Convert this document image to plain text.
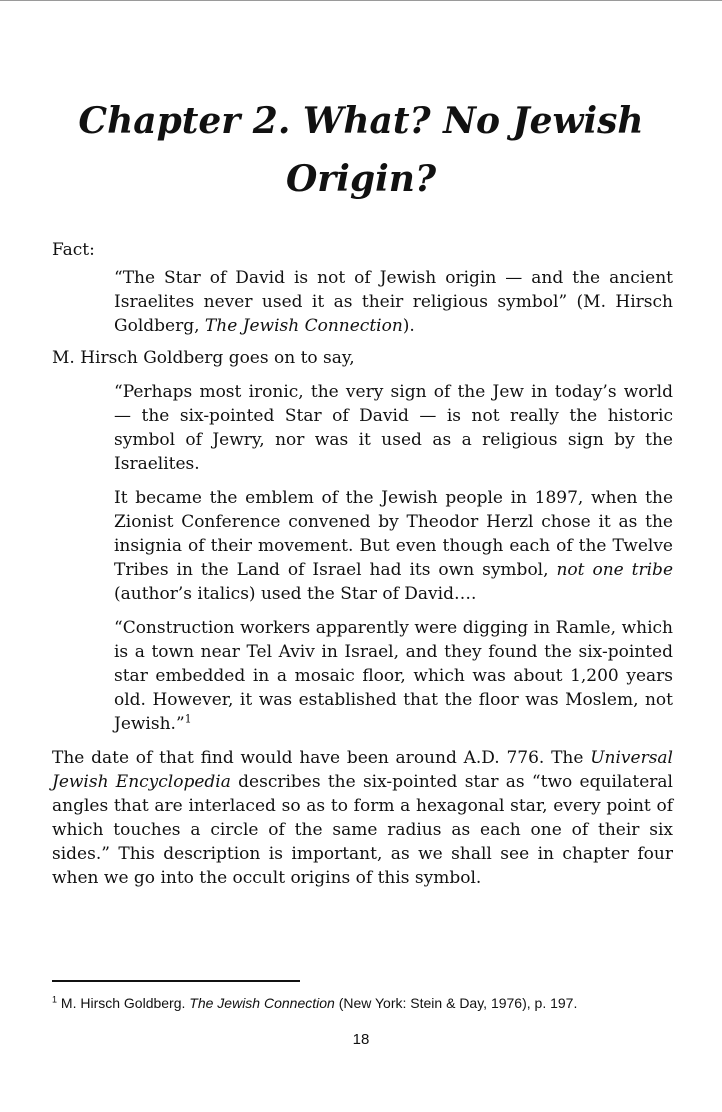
Chapter 2. What? No Jewish Origin?

Fact:

“The Star of David is not of Jewish origin — and the ancient Israelites never used it as their religious symbol” (M. Hirsch Goldberg, The Jewish Connection).

M. Hirsch Goldberg goes on to say,

“Perhaps most ironic, the very sign of the Jew in today’s world — the six-pointed Star of David — is not really the historic symbol of Jewry, nor was it used as a religious sign by the Israelites.

It became the emblem of the Jewish people in 1897, when the Zionist Conference convened by Theodor Herzl chose it as the insignia of their movement. But even though each of the Twelve Tribes in the Land of Israel had its own symbol, not one tribe (author’s italics) used the Star of David….

“Construction workers apparently were digging in Ramle, which is a town near Tel Aviv in Israel, and they found the six-pointed star embedded in a mosaic floor, which was about 1,200 years old. However, it was established that the floor was Moslem, not Jewish.”$^1$

The date of that find would have been around A.D. 776. The Universal Jewish Encyclopedia describes the six-pointed star as “two equilateral angles that are interlaced so as to form a hexagonal star, every point of which touches a circle of the same radius as each one of their six sides.” This description is important, as we shall see in chapter four when we go into the occult origins of this symbol.

$^1$ M. Hirsch Goldberg. The Jewish Connection (New York: Stein & Day, 1976), p. 197.
18
